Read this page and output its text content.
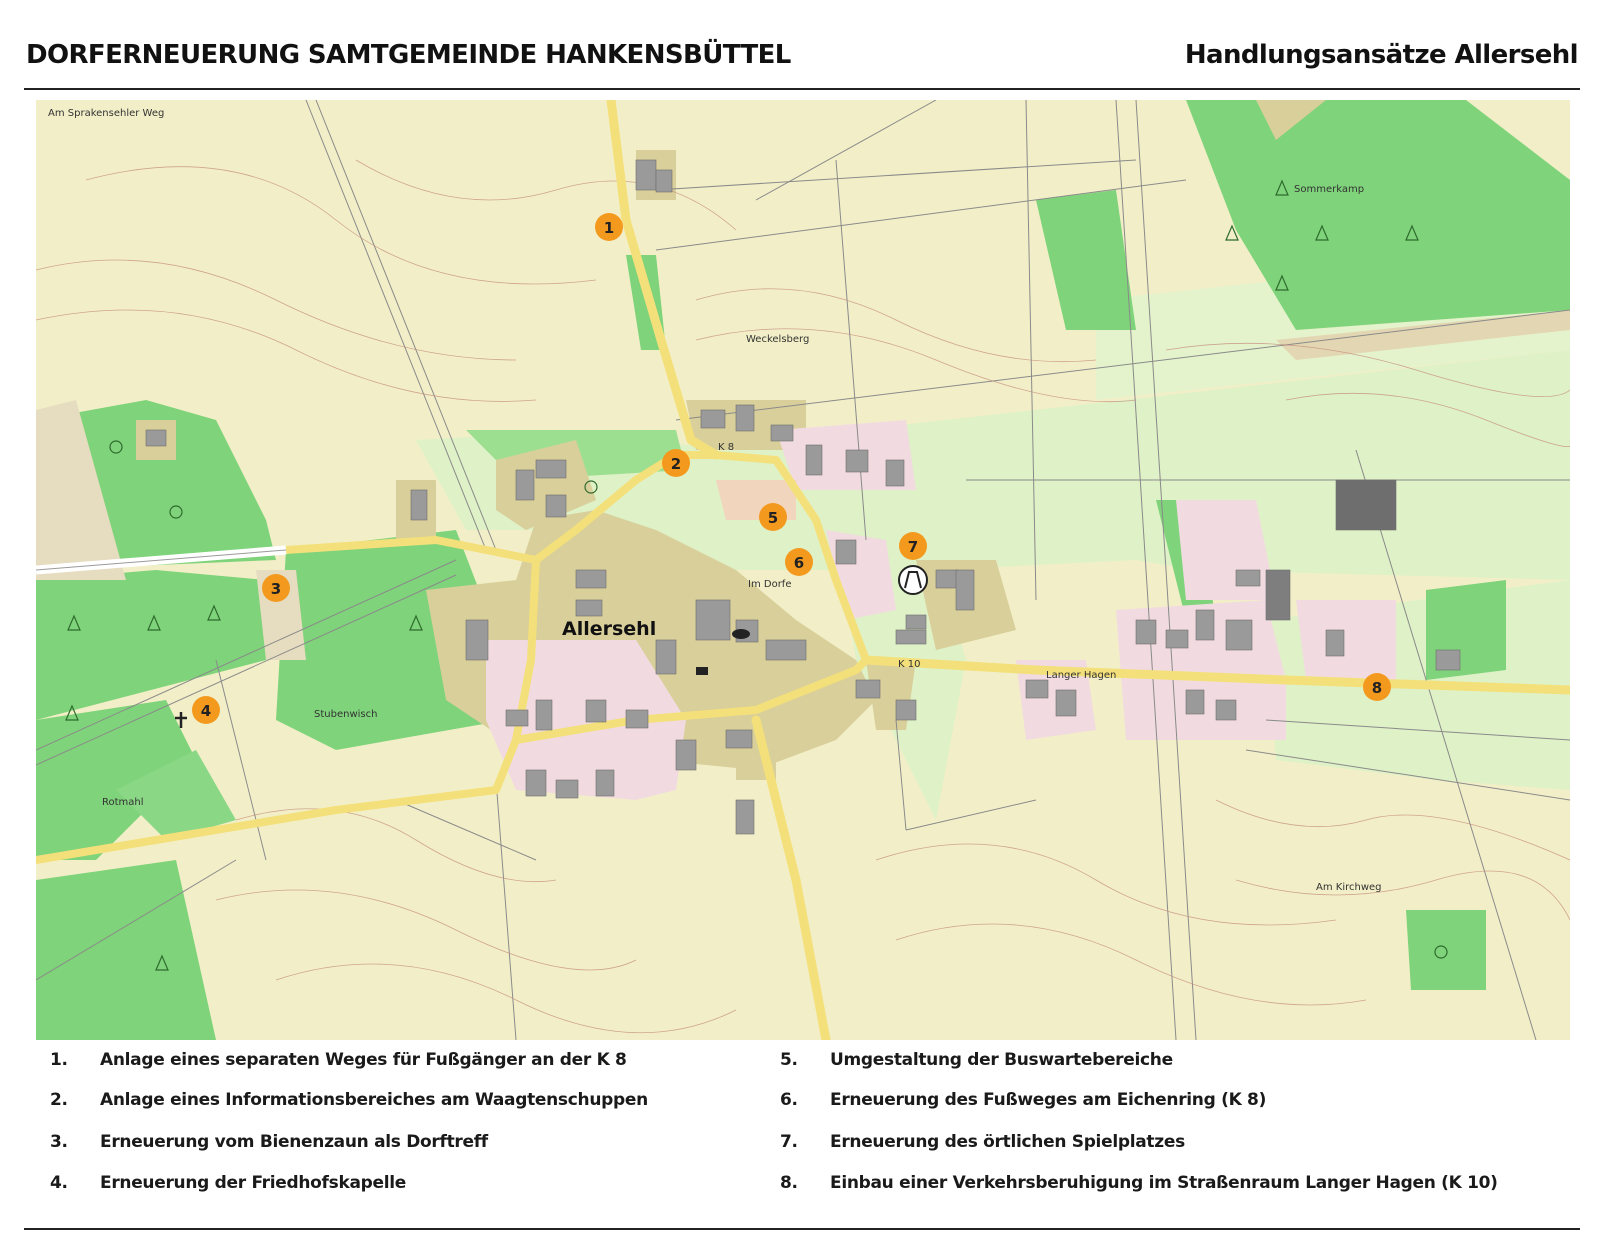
DORFERNEUERUNG SAMTGEMEINDE HANKENSBÜTTEL	Handlungsansätze Allersehl
Am Sprakensehler Weg
Sommerkamp
Weckelsberg
Im Dorfe
Langer Hagen
Am Kirchweg
Rotmahl
Stubenwisch
K 8
K 10
Allersehl
1
2
3
4
5
6
7
8
1.	Anlage eines separaten Weges für Fußgänger an der K 8
2.	Anlage eines Informationsbereiches am Waagtenschuppen
3.	Erneuerung vom Bienenzaun als Dorftreff
4.	Erneuerung der Friedhofskapelle
5.	Umgestaltung der Buswartebereiche
6.	Erneuerung des Fußweges am Eichenring (K 8)
7.	Erneuerung des örtlichen Spielplatzes
8.	Einbau einer Verkehrsberuhigung im Straßenraum Langer Hagen (K 10)
